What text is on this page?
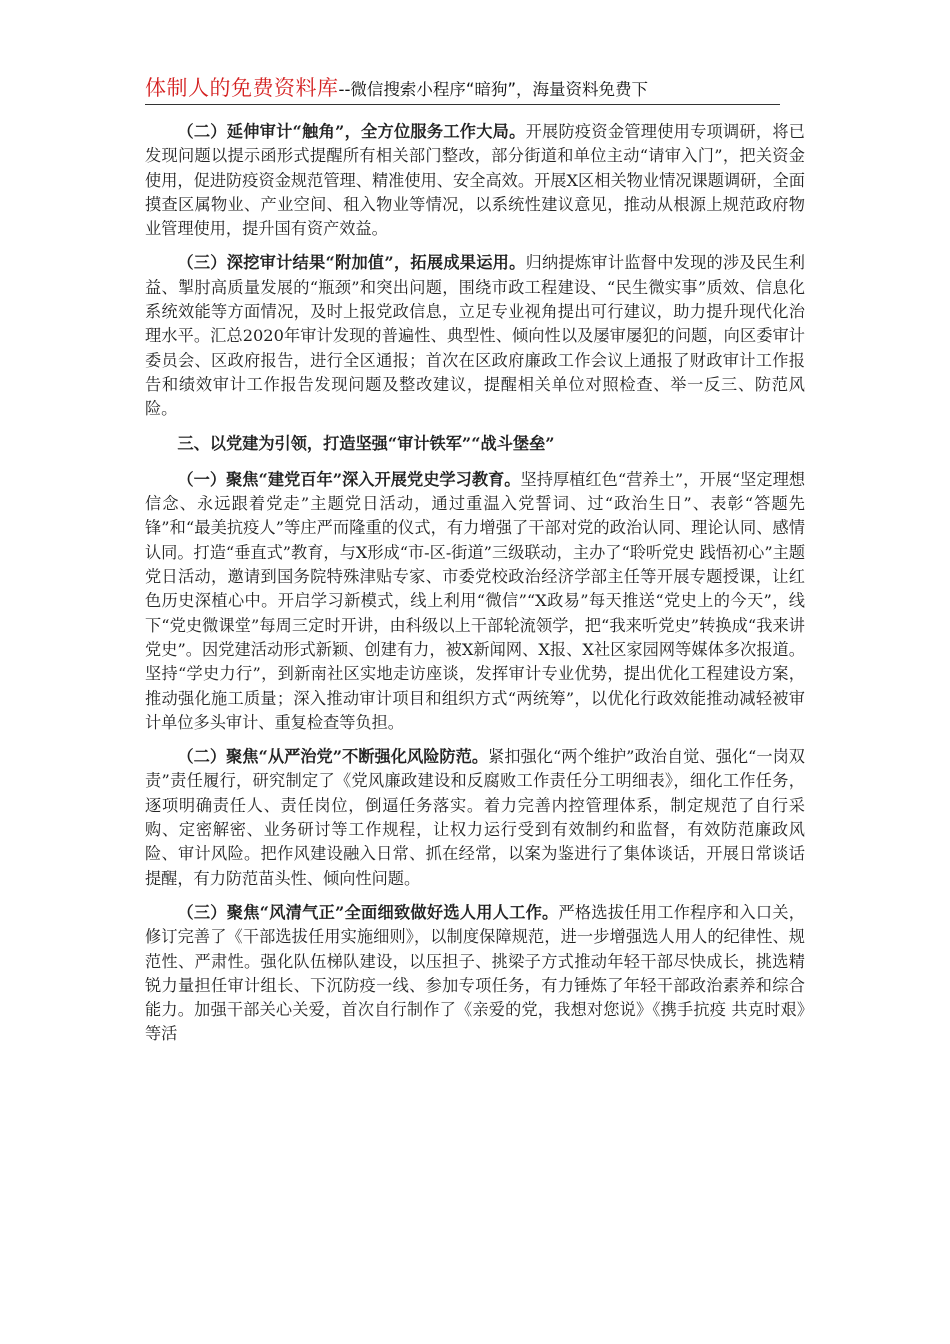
体制人的免费资料库--微信搜索小程序“暗狗”，海量资料免费下

（二）延伸审计“触角”，全方位服务工作大局。开展防疫资金管理使用专项调研，将已发现问题以提示函形式提醒所有相关部门整改，部分街道和单位主动“请审入门”，把关资金使用，促进防疫资金规范管理、精准使用、安全高效。开展X区相关物业情况课题调研，全面摸查区属物业、产业空间、租入物业等情况，以系统性建议意见，推动从根源上规范政府物业管理使用，提升国有资产效益。

（三）深挖审计结果“附加值”，拓展成果运用。归纳提炼审计监督中发现的涉及民生利益、掣肘高质量发展的“瓶颈”和突出问题，围绕市政工程建设、“民生微实事”质效、信息化系统效能等方面情况，及时上报党政信息，立足专业视角提出可行建议，助力提升现代化治理水平。汇总2020年审计发现的普遍性、典型性、倾向性以及屡审屡犯的问题，向区委审计委员会、区政府报告，进行全区通报；首次在区政府廉政工作会议上通报了财政审计工作报告和绩效审计工作报告发现问题及整改建议，提醒相关单位对照检查、举一反三、防范风险。

三、以党建为引领，打造坚强“审计铁军”“战斗堡垒”

（一）聚焦“建党百年”深入开展党史学习教育。坚持厚植红色“营养土”，开展“坚定理想信念、永远跟着党走”主题党日活动，通过重温入党誓词、过“政治生日”、表彰“答题先锋”和“最美抗疫人”等庄严而隆重的仪式，有力增强了干部对党的政治认同、理论认同、感情认同。打造“垂直式”教育，与X形成“市-区-街道”三级联动，主办了“聆听党史 践悟初心”主题党日活动，邀请到国务院特殊津贴专家、市委党校政治经济学部主任等开展专题授课，让红色历史深植心中。开启学习新模式，线上利用“微信”“X政易”每天推送“党史上的今天”，线下“党史微课堂”每周三定时开讲，由科级以上干部轮流领学，把“我来听党史”转换成“我来讲党史”。因党建活动形式新颖、创建有力，被X新闻网、X报、X社区家园网等媒体多次报道。坚持“学史力行”，到新南社区实地走访座谈，发挥审计专业优势，提出优化工程建设方案，推动强化施工质量；深入推动审计项目和组织方式“两统筹”，以优化行政效能推动减轻被审计单位多头审计、重复检查等负担。

（二）聚焦“从严治党”不断强化风险防范。紧扣强化“两个维护”政治自觉、强化“一岗双责”责任履行，研究制定了《党风廉政建设和反腐败工作责任分工明细表》，细化工作任务，逐项明确责任人、责任岗位，倒逼任务落实。着力完善内控管理体系，制定规范了自行采购、定密解密、业务研讨等工作规程，让权力运行受到有效制约和监督，有效防范廉政风险、审计风险。把作风建设融入日常、抓在经常，以案为鉴进行了集体谈话，开展日常谈话提醒，有力防范苗头性、倾向性问题。

（三）聚焦“风清气正”全面细致做好选人用人工作。严格选拔任用工作程序和入口关，修订完善了《干部选拔任用实施细则》，以制度保障规范，进一步增强选人用人的纪律性、规范性、严肃性。强化队伍梯队建设，以压担子、挑梁子方式推动年轻干部尽快成长，挑选精锐力量担任审计组长、下沉防疫一线、参加专项任务，有力锤炼了年轻干部政治素养和综合能力。加强干部关心关爱，首次自行制作了《亲爱的党，我想对您说》《携手抗疫 共克时艰》等活
